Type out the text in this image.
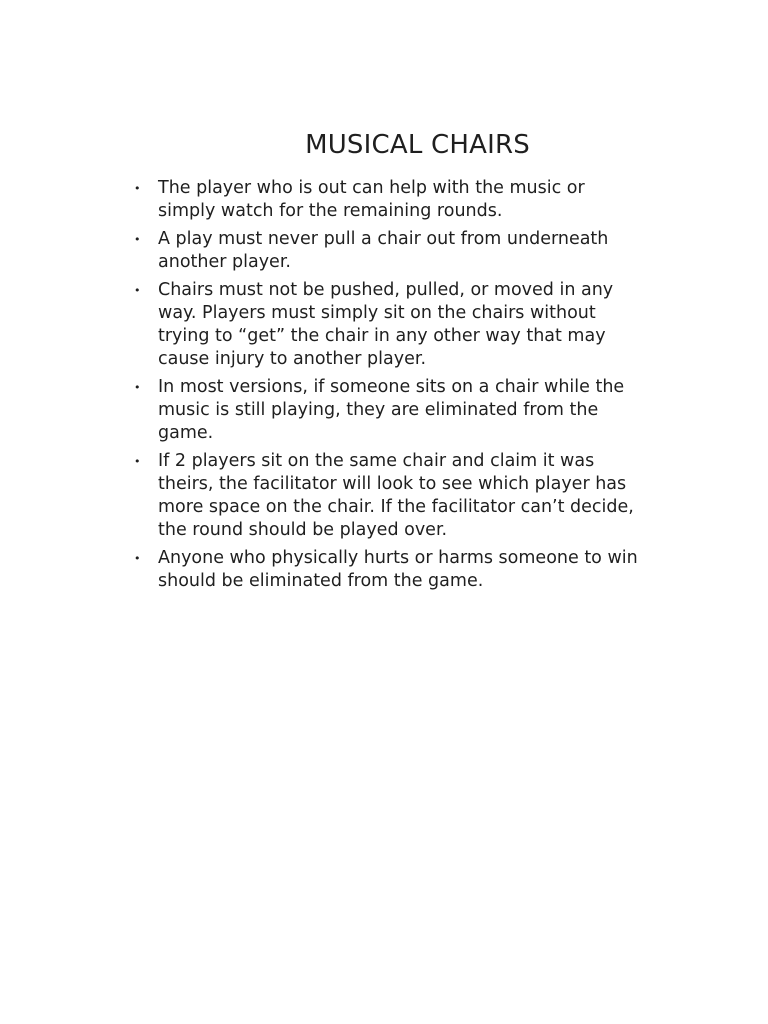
MUSICAL CHAIRS
• The player who is out can help with the music or
simply watch for the remaining rounds.
• A play must never pull a chair out from underneath
another player.
• Chairs must not be pushed, pulled, or moved in any
way. Players must simply sit on the chairs without
trying to “get” the chair in any other way that may
cause injury to another player.
• In most versions, if someone sits on a chair while the
music is still playing, they are eliminated from the
game.
• If 2 players sit on the same chair and claim it was
theirs, the facilitator will look to see which player has
more space on the chair. If the facilitator can’t decide,
the round should be played over.
• Anyone who physically hurts or harms someone to win
should be eliminated from the game.
